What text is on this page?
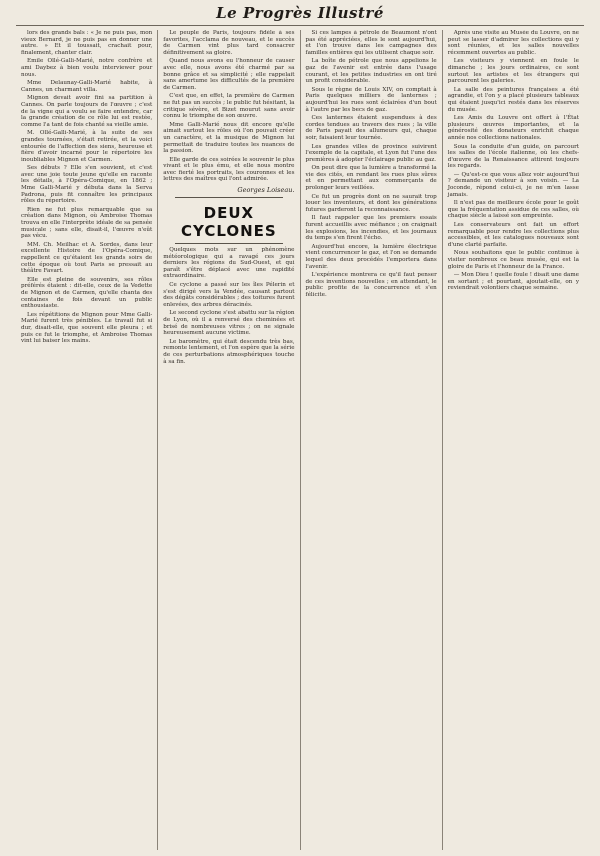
Le Progrès Illustré

lors des grands bals : « Je ne puis pas, mon vieux Bernard, je ne puis pas en donner une autre. » Et il toussait, crachait pour, finalement, chanter clair.

Emile Ollé-Galli-Marié, notre confrère et ami Daybez à bien voulu interviewer pour nous.

Mme Delaunay-Galli-Marié habite, à Cannes, un charmant villa.

Mignon devait avoir fini sa partition à Cannes. On parle toujours de l'œuvre ; c'est de la vigne qui a voulu se faire entendre, car la grande création de ce rôle lui est restée, comme l'a tant de fois chanté sa vieille amie.

M. Ollé-Galli-Marié, à la suite de ses grandes tournées, s'était retirée, et la voici entourée de l'affection des siens, heureuse et fière d'avoir incarné pour le répertoire les inoubliables Mignon et Carmen.

Ses débuts ? Elle s'en souvient, et c'est avec une joie toute jeune qu'elle en raconte les détails, à l'Opéra-Comique, en 1862 ; Mme Galli-Marié y débuta dans la Serva Padrona, puis fit connaître les principaux rôles du répertoire.

Rien ne fut plus remarquable que sa création dans Mignon, où Ambroise Thomas trouva en elle l'interprète idéale de sa pensée musicale ; sans elle, disait-il, l'œuvre n'eût pas vécu.

MM. Ch. Meilhac et A. Sordes, dans leur excellente Histoire de l'Opéra-Comique, rappellent ce qu'étaient les grands soirs de cette époque où tout Paris se pressait au théâtre Favart.

Elle est pleine de souvenirs, ses rôles préférés étaient : dit-elle, ceux de la Vedette de Mignon et de Carmen, qu'elle chanta des centaines de fois devant un public enthousiaste.

Les répétitions de Mignon pour Mme Galli-Marié furent très pénibles. Le travail fut si dur, disait-elle, que souvent elle pleura ; et puis ce fut le triomphe, et Ambroise Thomas vint lui baiser les mains.

Le peuple de Paris, toujours fidèle à ses favorites, l'acclama de nouveau, et le succès de Carmen vint plus tard consacrer définitivement sa gloire.

Quand nous avons eu l'honneur de causer avec elle, nous avons été charmé par sa bonne grâce et sa simplicité ; elle rappelait sans amertume les difficultés de la première de Carmen.

C'est que, en effet, la première de Carmen ne fut pas un succès ; le public fut hésitant, la critique sévère, et Bizet mourut sans avoir connu le triomphe de son œuvre.

Mme Galli-Marié nous dit encore qu'elle aimait surtout les rôles où l'on pouvait créer un caractère, et la musique de Mignon lui permettait de traduire toutes les nuances de la passion.

Elle garde de ces soirées le souvenir le plus vivant et le plus ému, et elle nous montre avec fierté les portraits, les couronnes et les lettres des maîtres qui l'ont admirée.

Georges Loiseau.
DEUX CYCLONES

Quelques mots sur un phénomène météorologique qui a ravagé ces jours derniers les régions du Sud-Ouest, et qui paraît s'être déplacé avec une rapidité extraordinaire.

Ce cyclone a passé sur les îles Pélerin et s'est dirigé vers la Vendée, causant partout des dégâts considérables ; des toitures furent enlevées, des arbres déracinés.

Le second cyclone s'est abattu sur la région de Lyon, où il a renversé des cheminées et brisé de nombreuses vitres ; on ne signale heureusement aucune victime.

Le baromètre, qui était descendu très bas, remonte lentement, et l'on espère que la série de ces perturbations atmosphériques touche à sa fin.

Si ces lampes à pétrole de Beaumont n'ont pas été appréciées, elles le sont aujourd'hui, et l'on trouve dans les campagnes des familles entières qui les utilisent chaque soir.

La boîte de pétrole que nous appelions le gaz de l'avenir est entrée dans l'usage courant, et les petites industries en ont tiré un profit considérable.

Sous le règne de Louis XIV, on comptait à Paris quelques milliers de lanternes ; aujourd'hui les rues sont éclairées d'un bout à l'autre par les becs de gaz.

Ces lanternes étaient suspendues à des cordes tendues au travers des rues ; la ville de Paris payait des allumeurs qui, chaque soir, faisaient leur tournée.

Les grandes villes de province suivirent l'exemple de la capitale, et Lyon fut l'une des premières à adopter l'éclairage public au gaz.

On peut dire que la lumière a transformé la vie des cités, en rendant les rues plus sûres et en permettant aux commerçants de prolonger leurs veillées.

Ce fut un progrès dont on ne saurait trop louer les inventeurs, et dont les générations futures garderont la reconnaissance.

Il faut rappeler que les premiers essais furent accueillis avec méfiance ; on craignait les explosions, les incendies, et les journaux du temps s'en firent l'écho.

Aujourd'hui encore, la lumière électrique vient concurrencer le gaz, et l'on se demande lequel des deux procédés l'emportera dans l'avenir.

L'expérience montrera ce qu'il faut penser de ces inventions nouvelles ; en attendant, le public profite de la concurrence et s'en félicite.

Après une visite au Musée du Louvre, on ne peut se lasser d'admirer les collections qui y sont réunies, et les salles nouvelles récemment ouvertes au public.

Les visiteurs y viennent en foule le dimanche ; les jours ordinaires, ce sont surtout les artistes et les étrangers qui parcourent les galeries.

La salle des peintures françaises a été agrandie, et l'on y a placé plusieurs tableaux qui étaient jusqu'ici restés dans les réserves du musée.

Les Amis du Louvre ont offert à l'État plusieurs œuvres importantes, et la générosité des donateurs enrichit chaque année nos collections nationales.

Sous la conduite d'un guide, on parcourt les salles de l'école italienne, où les chefs-d'œuvre de la Renaissance attirent toujours les regards.

— Qu'est-ce que vous allez voir aujourd'hui ? demande un visiteur à son voisin. — La Joconde, répond celui-ci, je ne m'en lasse jamais.

Il n'est pas de meilleure école pour le goût que la fréquentation assidue de ces salles, où chaque siècle a laissé son empreinte.

Les conservateurs ont fait un effort remarquable pour rendre les collections plus accessibles, et les catalogues nouveaux sont d'une clarté parfaite.

Nous souhaitons que le public continue à visiter nombreux ce beau musée, qui est la gloire de Paris et l'honneur de la France.

— Mon Dieu ! quelle foule ! disait une dame en sortant ; et pourtant, ajoutait-elle, on y reviendrait volontiers chaque semaine.
